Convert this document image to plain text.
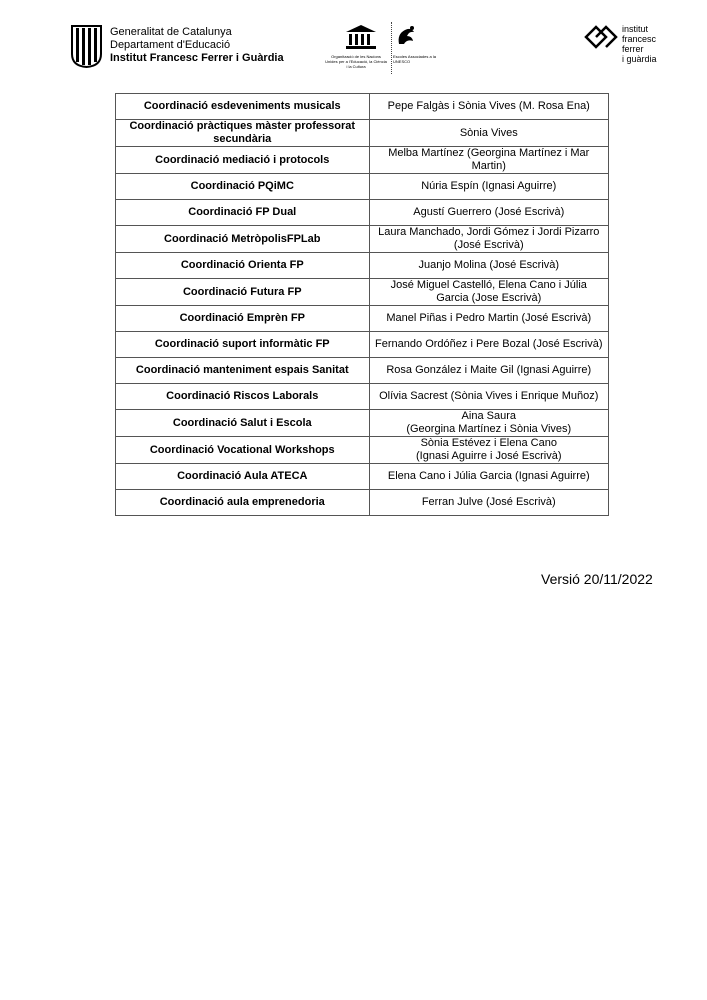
Generalitat de Catalunya
Departament d'Educació
Institut Francesc Ferrer i Guàrdia	Organització de les Nacions Unides per a l'Educació, la Ciència i la Cultura
Escoles Associades a la UNESCO
institut
francesc
ferrer
i guàrdia
Coordinació esdeveniments musicals	Pepe Falgàs i Sònia Vives (M. Rosa Ena)
Coordinació pràctiques màster professorat secundària	Sònia Vives
Coordinació mediació i protocols	Melba Martínez (Georgina Martínez i Mar Martin)
Coordinació PQiMC	Núria Espín (Ignasi Aguirre)
Coordinació FP Dual	Agustí Guerrero (José Escrivà)
Coordinació MetròpolisFPLab	Laura Manchado, Jordi Gómez i Jordi Pizarro (José Escrivà)
Coordinació Orienta FP	Juanjo Molina (José Escrivà)
Coordinació Futura FP	José Miguel Castelló, Elena Cano i Júlia Garcia (Jose Escrivà)
Coordinació Emprèn FP	Manel Piñas i Pedro Martin (José Escrivà)
Coordinació suport informàtic FP	Fernando Ordóñez i Pere Bozal (José Escrivà)
Coordinació manteniment espais Sanitat	Rosa González i Maite Gil (Ignasi Aguirre)
Coordinació Riscos Laborals	Olívia Sacrest (Sònia Vives i Enrique Muñoz)
Coordinació Salut i Escola	Aina Saura
(Georgina Martínez i Sònia Vives)
Coordinació Vocational Workshops	Sònia Estévez i Elena Cano
(Ignasi Aguirre i José Escrivà)
Coordinació Aula ATECA	Elena Cano i Júlia Garcia (Ignasi Aguirre)
Coordinació aula emprenedoria	Ferran Julve (José Escrivà)
Versió 20/11/2022
